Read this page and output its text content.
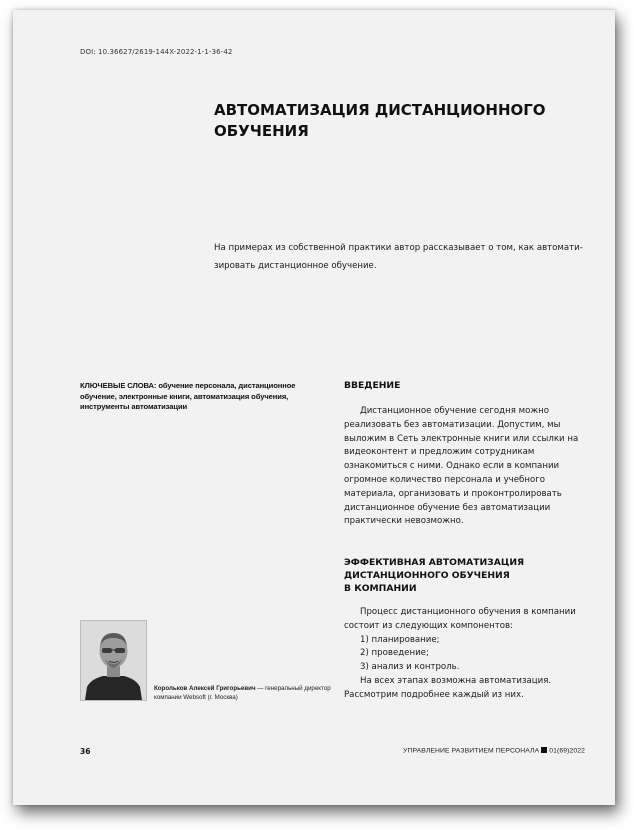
DOI: 10.36627/2619-144X-2022-1-1-36-42
АВТОМАТИЗАЦИЯ ДИСТАНЦИОННОГО ОБУЧЕНИЯ
На примерах из собственной практики автор рассказывает о том, как автомати-зировать дистанционное обучение.
КЛЮЧЕВЫЕ СЛОВА: обучение персонала, дистанционное обучение, электронные книги, автоматизация обучения, инструменты автоматизации
ВВЕДЕНИЕ

Дистанционное обучение сегодня можно реализовать без автоматизации. Допустим, мы выложим в Сеть электронные книги или ссылки на видеоконтент и предложим сотрудникам ознакомиться с ними. Однако если в компании огромное количество персонала и учебного материала, организовать и проконтролировать дистанционное обучение без автоматизации практически невозможно.

ЭФФЕКТИВНАЯ АВТОМАТИЗАЦИЯ
ДИСТАНЦИОННОГО ОБУЧЕНИЯ
В КОМПАНИИ

Процесс дистанционного обучения в компании состоит из следующих компонентов:

1) планирование;
2) проведение;
3) анализ и контроль.

На всех этапах возможна автоматизация. Рассмотрим подробнее каждый из них.

Корольков Алексей Григорьевич — генеральный директор компании Websoft (г. Москва)
36	УПРАВЛЕНИЕ РАЗВИТИЕМ ПЕРСОНАЛА 01(69)2022
